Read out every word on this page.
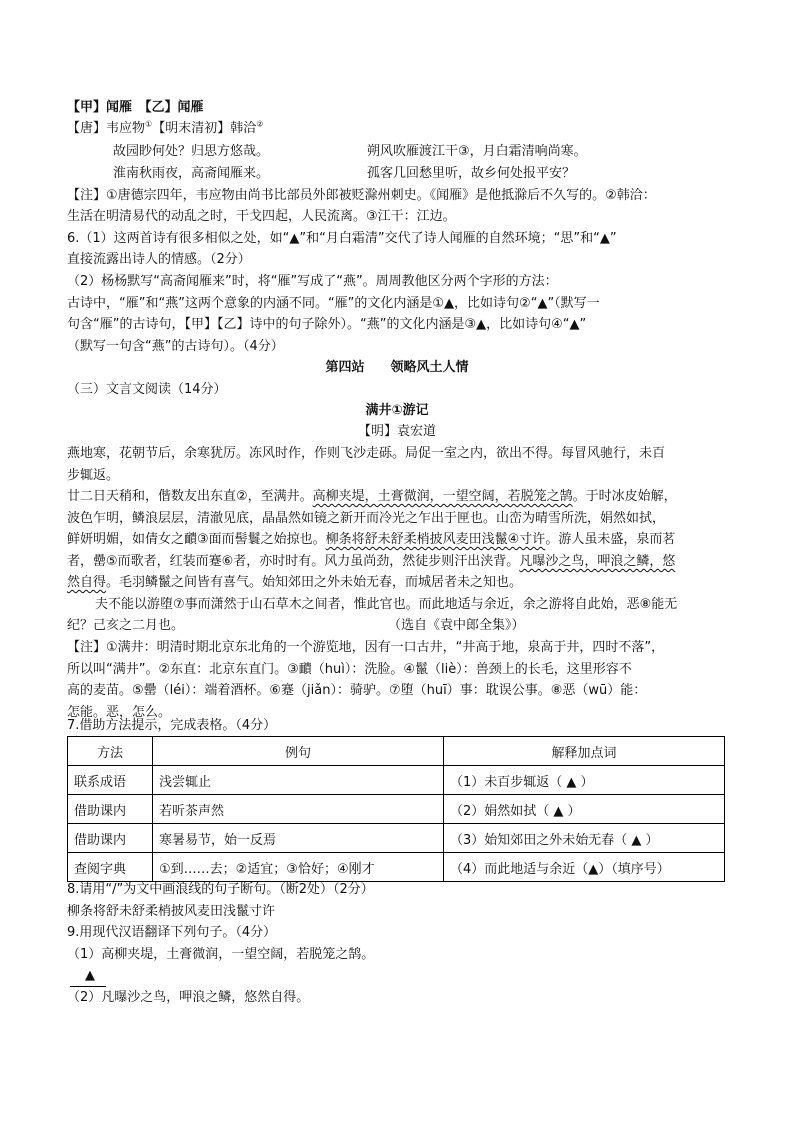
【甲】闻雁　【乙】闻雁
【唐】韦应物①【明末清初】韩洽②
故园眇何处？归思方悠哉。	朔风吹雁渡江干③，月白霜清响尚寒。
淮南秋雨夜，高斋闻雁来。	孤客几回愁里听，故乡何处报平安？
【注】①唐德宗四年，韦应物由尚书比部员外郎被贬滁州刺史。《闻雁》是他抵滁后不久写的。②韩洽：
生活在明清易代的动乱之时，干戈四起，人民流离。③江干：江边。
6.（1）这两首诗有很多相似之处，如“▲”和“月白霜清”交代了诗人闻雁的自然环境；“思”和“▲”
直接流露出诗人的情感。（2分）
（2）杨杨默写“高斋闻雁来”时，将“雁”写成了“燕”。周周教他区分两个字形的方法：
古诗中，“雁”和“燕”这两个意象的内涵不同。“雁”的文化内涵是①▲，比如诗句②“▲”（默写一
句含“雁”的古诗句，【甲】【乙】诗中的句子除外）。“燕”的文化内涵是③▲，比如诗句④“▲”
（默写一句含“燕”的古诗句）。（4分）
第四站　　领略风土人情
（三）文言文阅读（14分）
满井①游记
【明】袁宏道
燕地寒，花朝节后，余寒犹厉。冻风时作，作则飞沙走砾。局促一室之内，欲出不得。每冒风驰行，未百
步辄返。
廿二日天稍和，偕数友出东直②，至满井。高柳夹堤，土膏微润，一望空阔，若脱笼之鹄。于时冰皮始解，
波色乍明，鳞浪层层，清澈见底，晶晶然如镜之新开而冷光之乍出于匣也。山峦为晴雪所洗，娟然如拭，
鲜妍明媚，如倩女之靧③面而髻鬟之始掠也。柳条将舒未舒柔梢披风麦田浅鬣④寸许。游人虽未盛，泉而茗
者，罍⑤而歌者，红装而蹇⑥者，亦时时有。风力虽尚劲，然徒步则汗出浃背。凡曝沙之鸟，呷浪之鳞，悠
然自得。毛羽鳞鬣之间皆有喜气。始知郊田之外未始无春，而城居者未之知也。
夫不能以游堕⑦事而潇然于山石草木之间者，惟此官也。而此地适与余近，余之游将自此始，恶⑧能无
纪？己亥之二月也。	（选自《袁中郎全集》）
【注】①满井：明清时期北京东北角的一个游览地，因有一口古井，“井高于地，泉高于井，四时不落”，
所以叫“满井”。②东直：北京东直门。③靧（huì）：洗脸。④鬣（liè）：兽颈上的长毛，这里形容不
高的麦苗。⑤罍（léi）：端着酒杯。⑥蹇（jiǎn）：骑驴。⑦堕（huī）事：耽误公事。⑧恶（wū）能：
怎能。恶，怎么。
7.借助方法提示，完成表格。（4分）
方法	例句	解释加点词
联系成语	浅尝辄止	（1）未百步辄返（ ▲ ）
借助课内	若听茶声然	（2）娟然如拭（ ▲ ）
借助课内	寒暑易节，始一反焉	（3）始知郊田之外未始无春（ ▲ ）
查阅字典	①到……去；②适宜；③恰好；④刚才	（4）而此地适与余近（▲）（填序号）
8.请用“/”为文中画浪线的句子断句。（断2处）（2分）
柳条将舒未舒柔梢披风麦田浅鬣寸许
9.用现代汉语翻译下列句子。（4分）
（1）高柳夹堤，土膏微润，一望空阔，若脱笼之鹄。
▲
（2）凡曝沙之鸟，呷浪之鳞，悠然自得。
